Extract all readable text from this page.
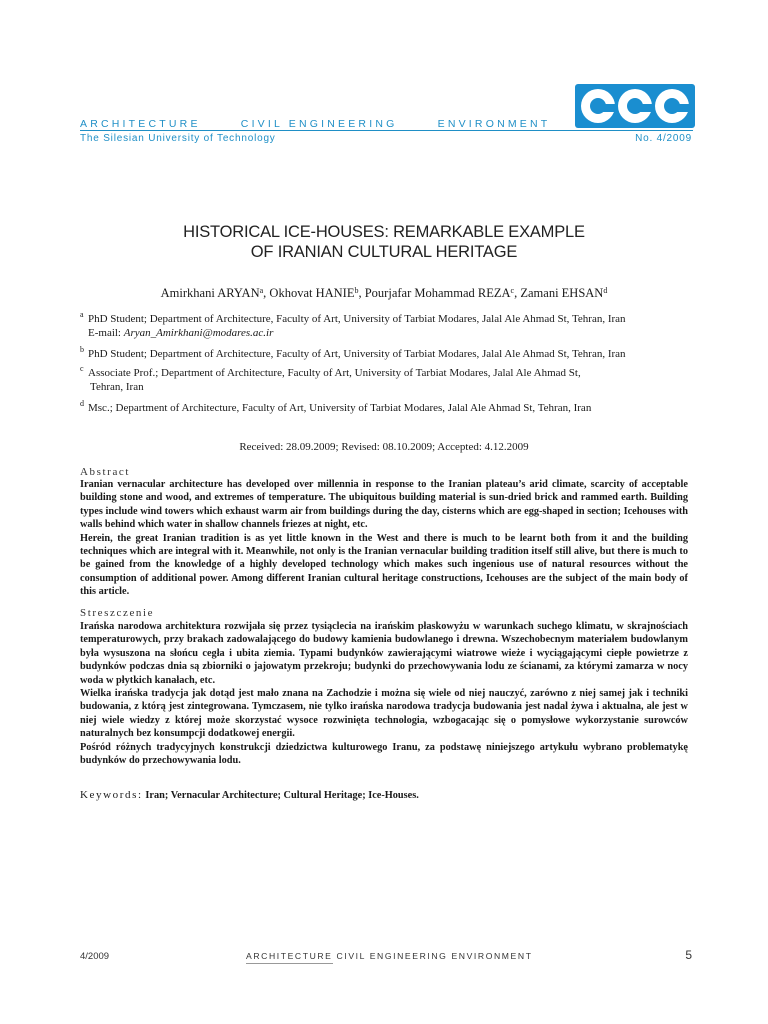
ARCHITECTURE	CIVIL ENGINEERING	ENVIRONMENT
The Silesian University of Technology	No. 4/2009
HISTORICAL ICE-HOUSES: REMARKABLE EXAMPLE
OF IRANIAN CULTURAL HERITAGE
Amirkhani ARYAN$^a$, Okhovat HANIE$^b$, Pourjafar Mohammad REZA$^c$, Zamani EHSAN$^d$
a PhD Student; Department of Architecture, Faculty of Art, University of Tarbiat Modares, Jalal Ale Ahmad St, Tehran, Iran
E-mail: Aryan_Amirkhani@modares.ac.ir
b PhD Student; Department of Architecture, Faculty of Art, University of Tarbiat Modares, Jalal Ale Ahmad St, Tehran, Iran
c Associate Prof.; Department of Architecture, Faculty of Art, University of Tarbiat Modares, Jalal Ale Ahmad St,
Tehran, Iran
d Msc.; Department of Architecture, Faculty of Art, University of Tarbiat Modares, Jalal Ale Ahmad St, Tehran, Iran
Received: 28.09.2009; Revised: 08.10.2009; Accepted: 4.12.2009
Abstract

Iranian vernacular architecture has developed over millennia in response to the Iranian plateau’s arid climate, scarcity of acceptable building stone and wood, and extremes of temperature. The ubiquitous building material is sun-dried brick and rammed earth. Building types include wind towers which exhaust warm air from buildings during the day, cisterns which are egg-shaped in section; Icehouses with walls behind which water in shallow channels friezes at night, etc.

Herein, the great Iranian tradition is as yet little known in the West and there is much to be learnt both from it and the building techniques which are integral with it. Meanwhile, not only is the Iranian vernacular building tradition itself still alive, but there is much to be gained from the knowledge of a highly developed technology which makes such ingenious use of natural resources without the consumption of additional power. Among different Iranian cultural heritage constructions, Icehouses are the subject of the main body of this article.

Streszczenie

Irańska narodowa architektura rozwijała się przez tysiąclecia na irańskim płaskowyżu w warunkach suchego klimatu, w skrajnościach temperaturowych, przy brakach zadowalającego do budowy kamienia budowlanego i drewna. Wszechobecnym materiałem budowlanym była wysuszona na słońcu cegła i ubita ziemia. Typami budynków zawierającymi wiatrowe wieże i wyciągającymi ciepłe powietrze z budynków podczas dnia są zbiorniki o jajowatym przekroju; budynki do przechowywania lodu ze ścianami, za którymi zamarza w nocy woda w płytkich kanałach, etc.

Wielka irańska tradycja jak dotąd jest mało znana na Zachodzie i można się wiele od niej nauczyć, zarówno z niej samej jak i techniki budowania, z którą jest zintegrowana. Tymczasem, nie tylko irańska narodowa tradycja budowania jest nadal żywa i aktualna, ale jest w niej wiele wiedzy z której może skorzystać wysoce rozwinięta technologia, wzbogacając się o pomysłowe wykorzystanie surowców naturalnych bez konsumpcji dodatkowej energii.

Pośród różnych tradycyjnych konstrukcji dziedzictwa kulturowego Iranu, za podstawę niniejszego artykułu wybrano problematykę budynków do przechowywania lodu.

Keywords: Iran; Vernacular Architecture; Cultural Heritage; Ice-Houses.
4/2009	ARCHITECTURE CIVIL ENGINEERING ENVIRONMENT	5
